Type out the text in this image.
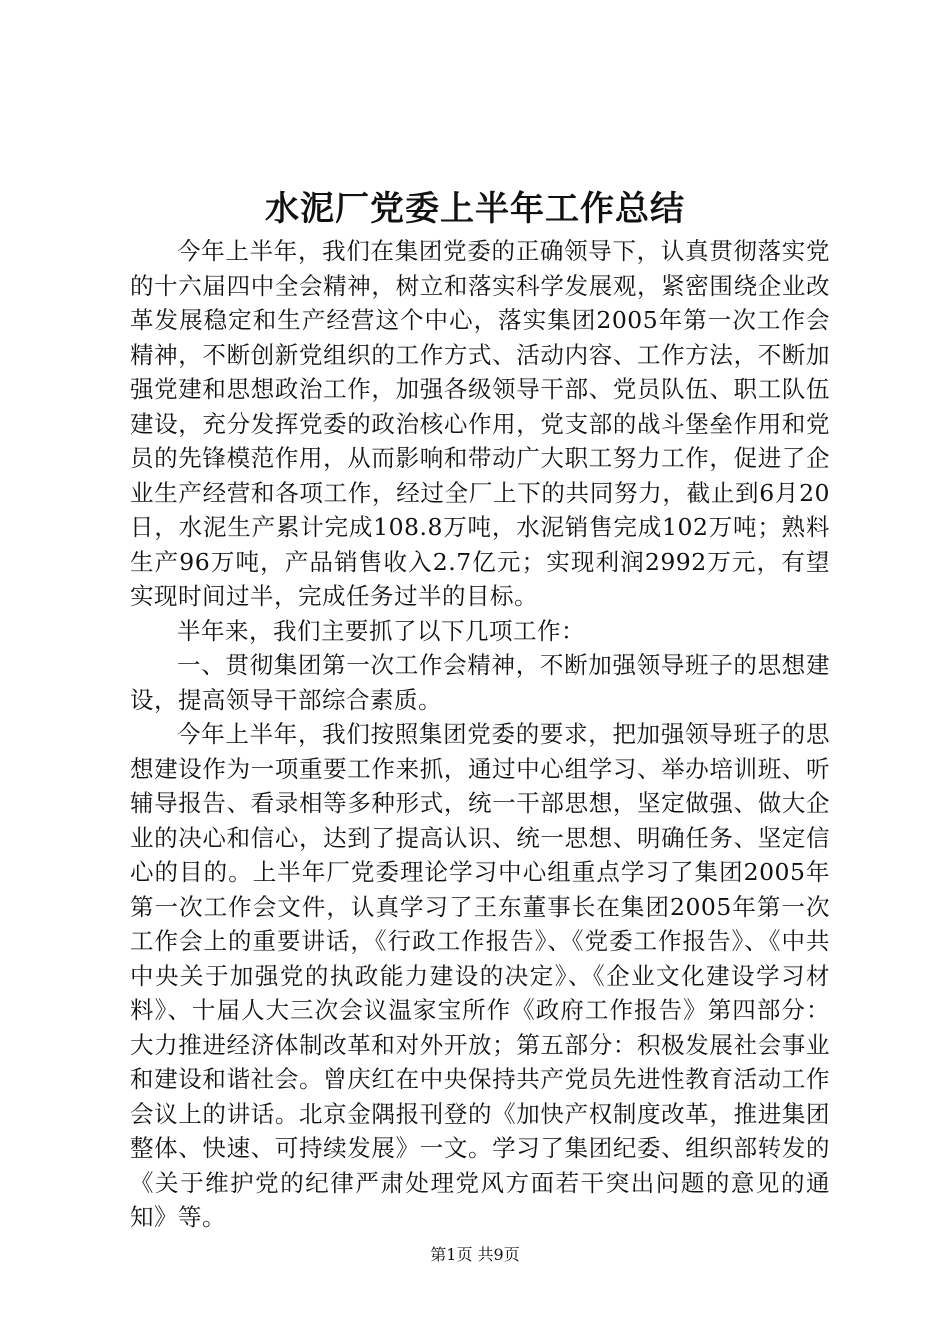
水泥厂党委上半年工作总结

今年上半年，我们在集团党委的正确领导下，认真贯彻落实党的十六届四中全会精神，树立和落实科学发展观，紧密围绕企业改革发展稳定和生产经营这个中心，落实集团2005年第一次工作会精神，不断创新党组织的工作方式、活动内容、工作方法，不断加强党建和思想政治工作，加强各级领导干部、党员队伍、职工队伍建设，充分发挥党委的政治核心作用，党支部的战斗堡垒作用和党员的先锋模范作用，从而影响和带动广大职工努力工作，促进了企业生产经营和各项工作，经过全厂上下的共同努力，截止到6月20日，水泥生产累计完成108.8万吨，水泥销售完成102万吨；熟料生产96万吨，产品销售收入2.7亿元；实现利润2992万元，有望实现时间过半，完成任务过半的目标。

半年来，我们主要抓了以下几项工作：

一、贯彻集团第一次工作会精神，不断加强领导班子的思想建设，提高领导干部综合素质。

今年上半年，我们按照集团党委的要求，把加强领导班子的思想建设作为一项重要工作来抓，通过中心组学习、举办培训班、听辅导报告、看录相等多种形式，统一干部思想，坚定做强、做大企业的决心和信心，达到了提高认识、统一思想、明确任务、坚定信心的目的。上半年厂党委理论学习中心组重点学习了集团2005年第一次工作会文件，认真学习了王东董事长在集团2005年第一次工作会上的重要讲话，《行政工作报告》、《党委工作报告》、《中共中央关于加强党的执政能力建设的决定》、《企业文化建设学习材料》、十届人大三次会议温家宝所作《政府工作报告》第四部分：大力推进经济体制改革和对外开放；第五部分：积极发展社会事业和建设和谐社会。曾庆红在中央保持共产党员先进性教育活动工作会议上的讲话。北京金隅报刊登的《加快产权制度改革，推进集团整体、快速、可持续发展》一文。学习了集团纪委、组织部转发的《关于维护党的纪律严肃处理党风方面若干突出问题的意见的通知》等。

第1页 共9页
